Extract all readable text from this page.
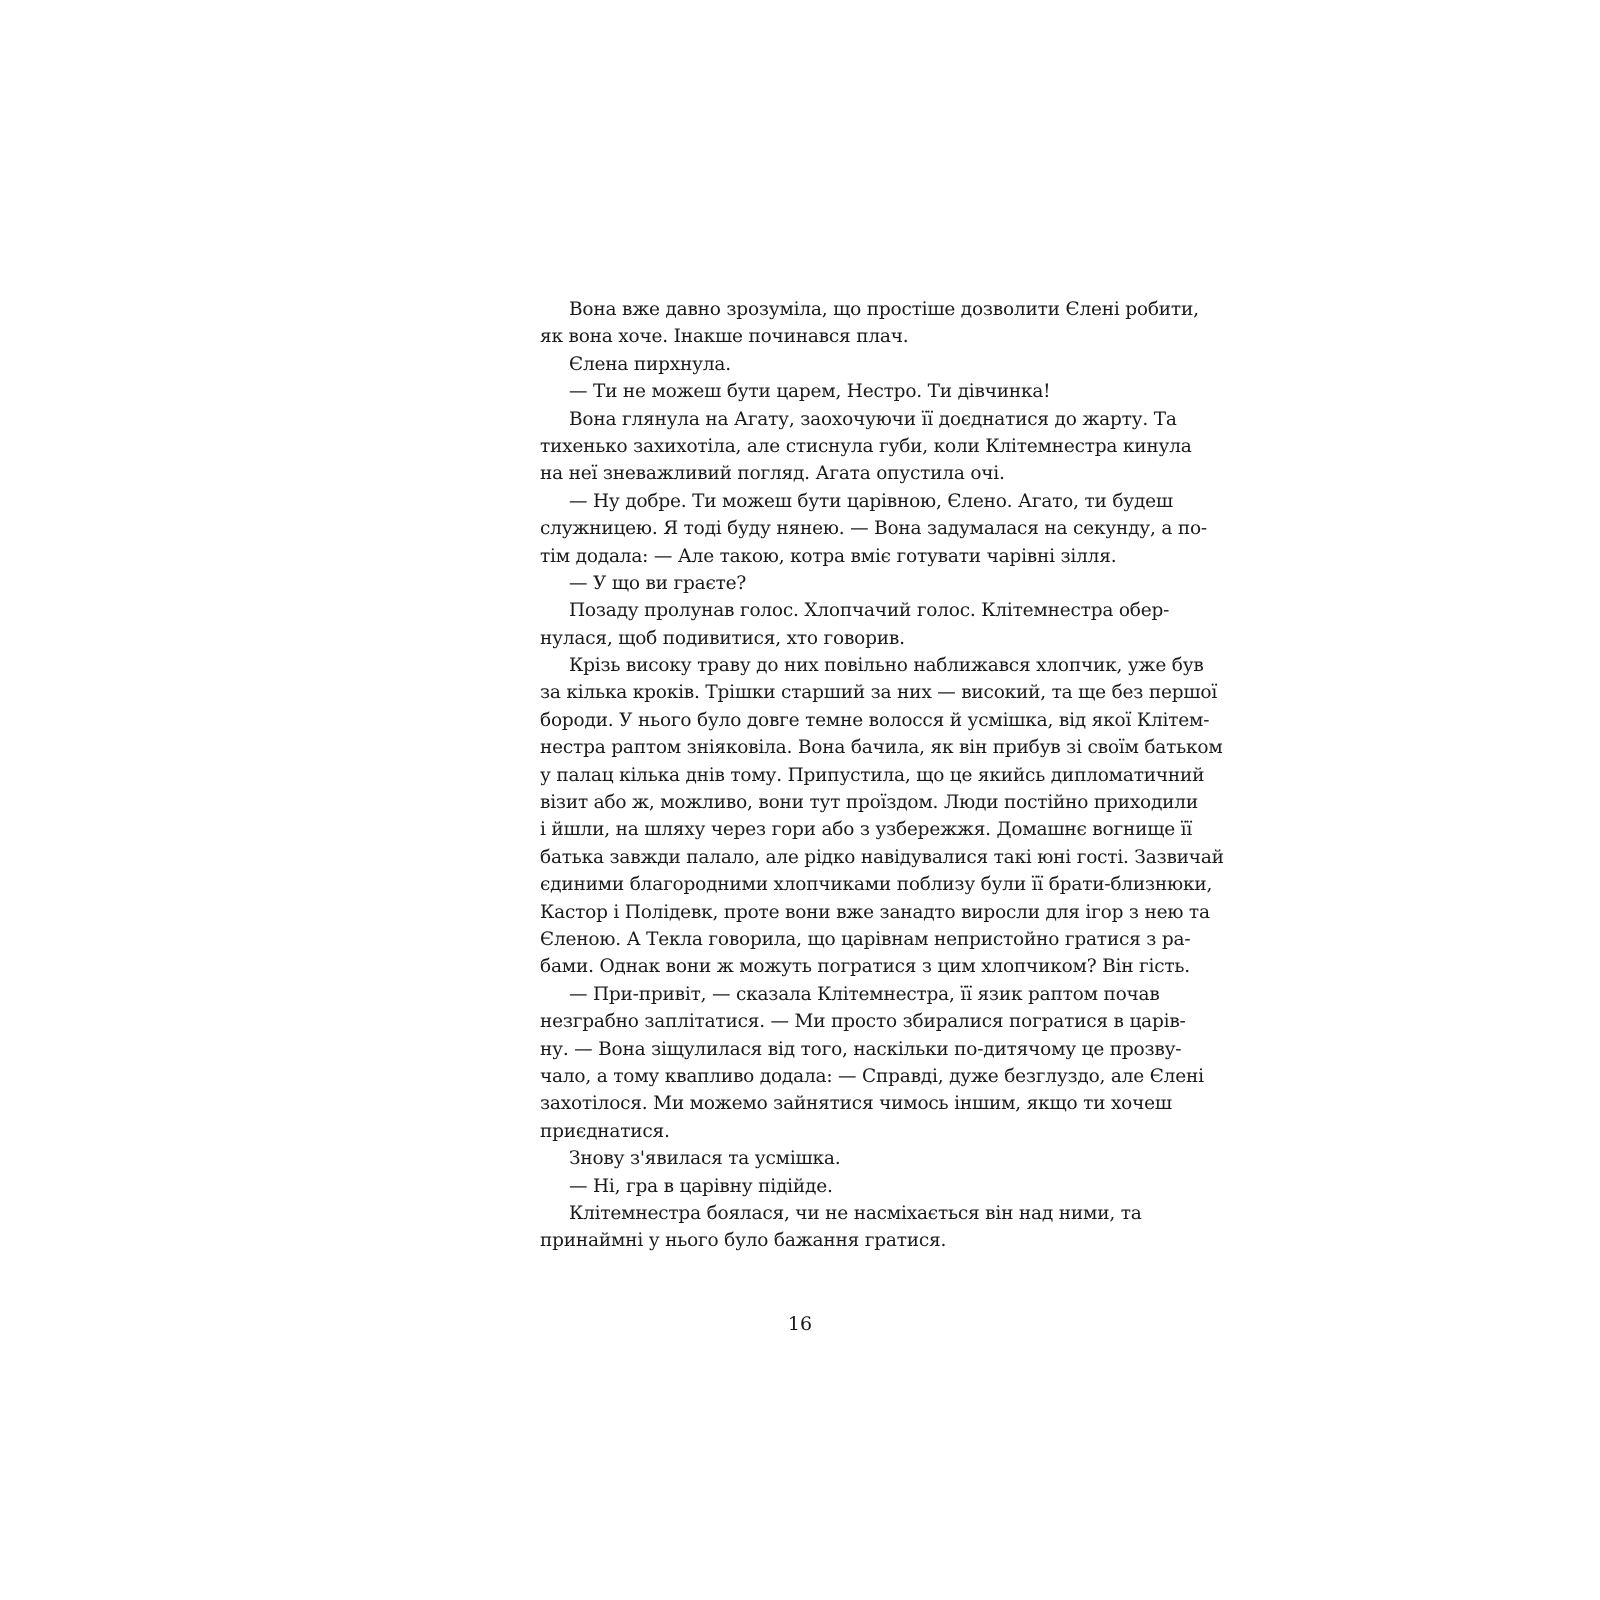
Вона вже давно зрозуміла, що простіше дозволити Єлені робити,
як вона хоче. Інакше починався плач.
Єлена пирхнула.
— Ти не можеш бути царем, Нестро. Ти дівчинка!
Вона глянула на Агату, заохочуючи її доєднатися до жарту. Та
тихенько захихотіла, але стиснула губи, коли Клітемнестра кинула
на неї зневажливий погляд. Агата опустила очі.
— Ну добре. Ти можеш бути царівною, Єлено. Агато, ти будеш
служницею. Я тоді буду нянею. — Вона задумалася на секунду, а по-
тім додала: — Але такою, котра вміє готувати чарівні зілля.
— У що ви граєте?
Позаду пролунав голос. Хлопчачий голос. Клітемнестра обер-
нулася, щоб подивитися, хто говорив.
Крізь високу траву до них повільно наближався хлопчик, уже був
за кілька кроків. Трішки старший за них — високий, та ще без першої
бороди. У нього було довге темне волосся й усмішка, від якої Клітем-
нестра раптом зніяковіла. Вона бачила, як він прибув зі своїм батьком
у палац кілька днів тому. Припустила, що це якийсь дипломатичний
візит або ж, можливо, вони тут проїздом. Люди постійно приходили
і йшли, на шляху через гори або з узбережжя. Домашнє вогнище її
батька завжди палало, але рідко навідувалися такі юні гості. Зазвичай
єдиними благородними хлопчиками поблизу були її брати-близнюки,
Кастор і Полідевк, проте вони вже занадто виросли для ігор з нею та
Єленою. А Текла говорила, що царівнам непристойно гратися з ра-
бами. Однак вони ж можуть погратися з цим хлопчиком? Він гість.
— При-привіт, — сказала Клітемнестра, її язик раптом почав
незграбно заплітатися. — Ми просто збиралися погратися в царів-
ну. — Вона зіщулилася від того, наскільки по-дитячому це прозву-
чало, а тому квапливо додала: — Справді, дуже безглуздо, але Єлені
захотілося. Ми можемо зайнятися чимось іншим, якщо ти хочеш
приєднатися.
Знову з'явилася та усмішка.
— Ні, гра в царівну підійде.
Клітемнестра боялася, чи не насміхається він над ними, та
принаймні у нього було бажання гратися.
16
